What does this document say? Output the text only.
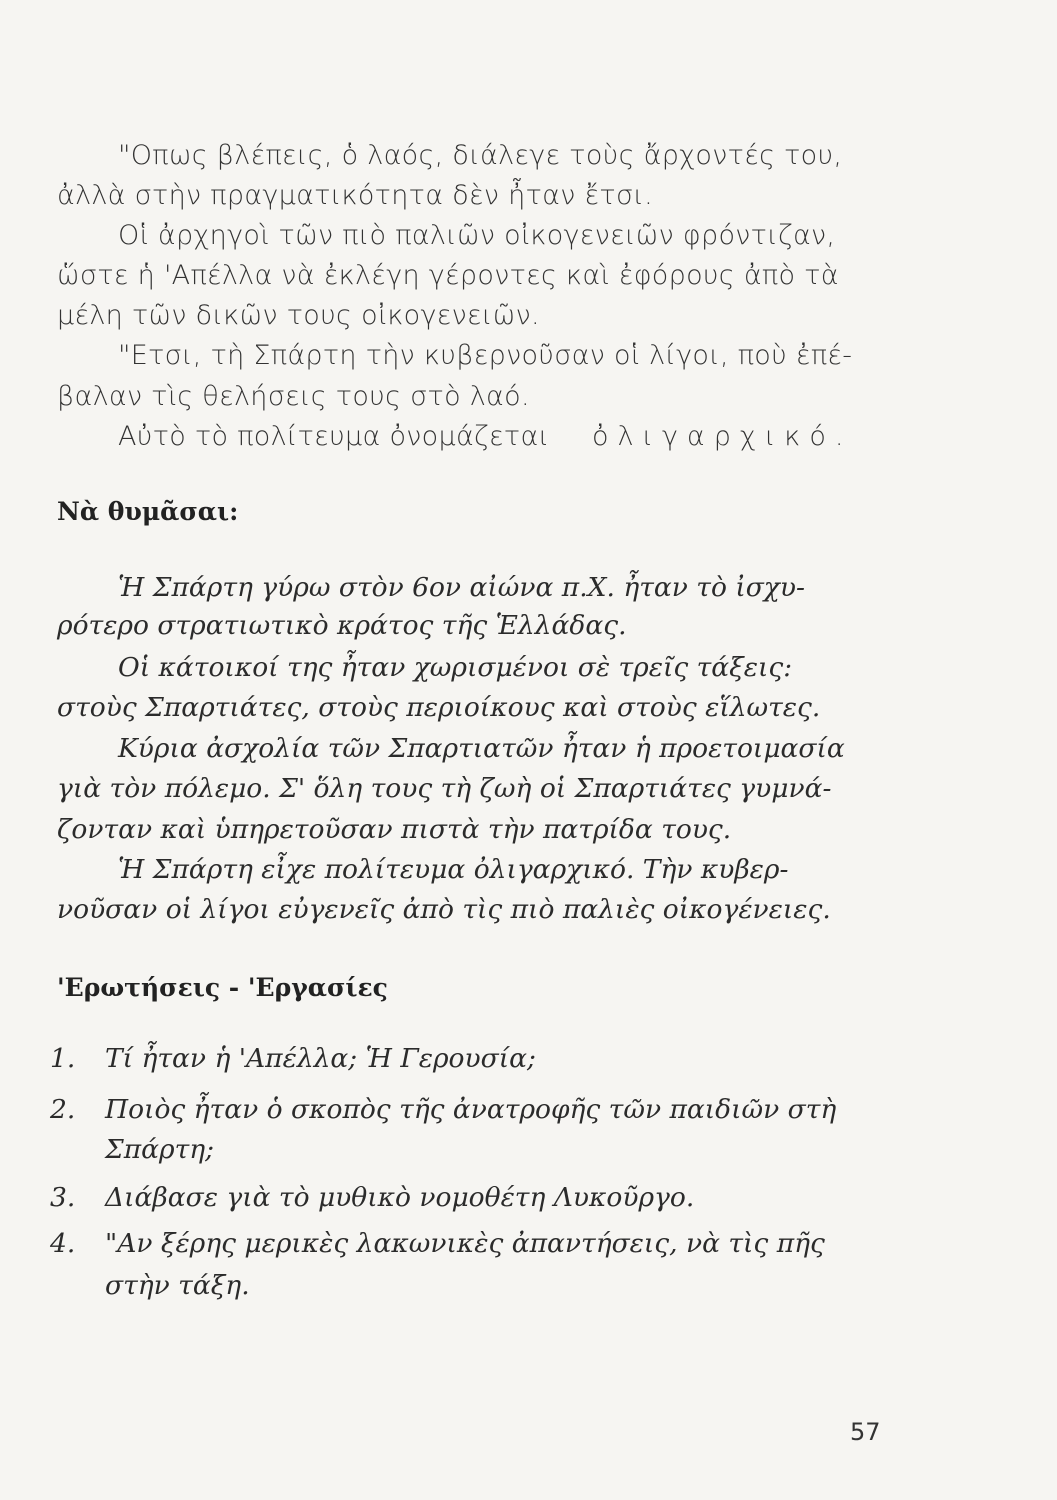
"Οπως βλέπεις, ὁ λαός, διάλεγε τοὺς ἄρχοντές του,
ἀλλὰ στὴν πραγματικότητα δὲν ἦταν ἔτσι.
Οἱ ἀρχηγοὶ τῶν πιὸ παλιῶν οἰκογενειῶν φρόντιζαν,
ὥστε ἡ 'Απέλλα νὰ ἐκλέγη γέροντες καὶ ἐφόρους ἀπὸ τὰ
μέλη τῶν δικῶν τους οἰκογενειῶν.
"Ετσι, τὴ Σπάρτη τὴν κυβερνοῦσαν οἱ λίγοι, ποὺ ἐπέ-
βαλαν τὶς θελήσεις τους στὸ λαό.
Αὐτὸ τὸ πολίτευμα ὀνομάζεται ὀλιγαρχικό.
Νὰ θυμᾶσαι:
Ἡ Σπάρτη γύρω στὸν 6ον αἰώνα π.Χ. ἦταν τὸ ἰσχυ-
ρότερο στρατιωτικὸ κράτος τῆς Ἑλλάδας.
Οἱ κάτοικοί της ἦταν χωρισμένοι σὲ τρεῖς τάξεις:
στοὺς Σπαρτιάτες, στοὺς περιοίκους καὶ στοὺς εἵλωτες.
Κύρια ἀσχολία τῶν Σπαρτιατῶν ἦταν ἡ προετοιμασία
γιὰ τὸν πόλεμο. Σ' ὅλη τους τὴ ζωὴ οἱ Σπαρτιάτες γυμνά-
ζονταν καὶ ὑπηρετοῦσαν πιστὰ τὴν πατρίδα τους.
Ἡ Σπάρτη εἶχε πολίτευμα ὀλιγαρχικό. Τὴν κυβερ-
νοῦσαν οἱ λίγοι εὐγενεῖς ἀπὸ τὶς πιὸ παλιὲς οἰκογένειες.
'Ερωτήσεις - 'Εργασίες
1. Τί ἦταν ἡ 'Απέλλα; Ἡ Γερουσία;
2. Ποιὸς ἦταν ὁ σκοπὸς τῆς ἀνατροφῆς τῶν παιδιῶν στὴ
Σπάρτη;
3. Διάβασε γιὰ τὸ μυθικὸ νομοθέτη Λυκοῦργο.
4. "Αν ξέρης μερικὲς λακωνικὲς ἀπαντήσεις, νὰ τὶς πῆς
στὴν τάξη.
57
